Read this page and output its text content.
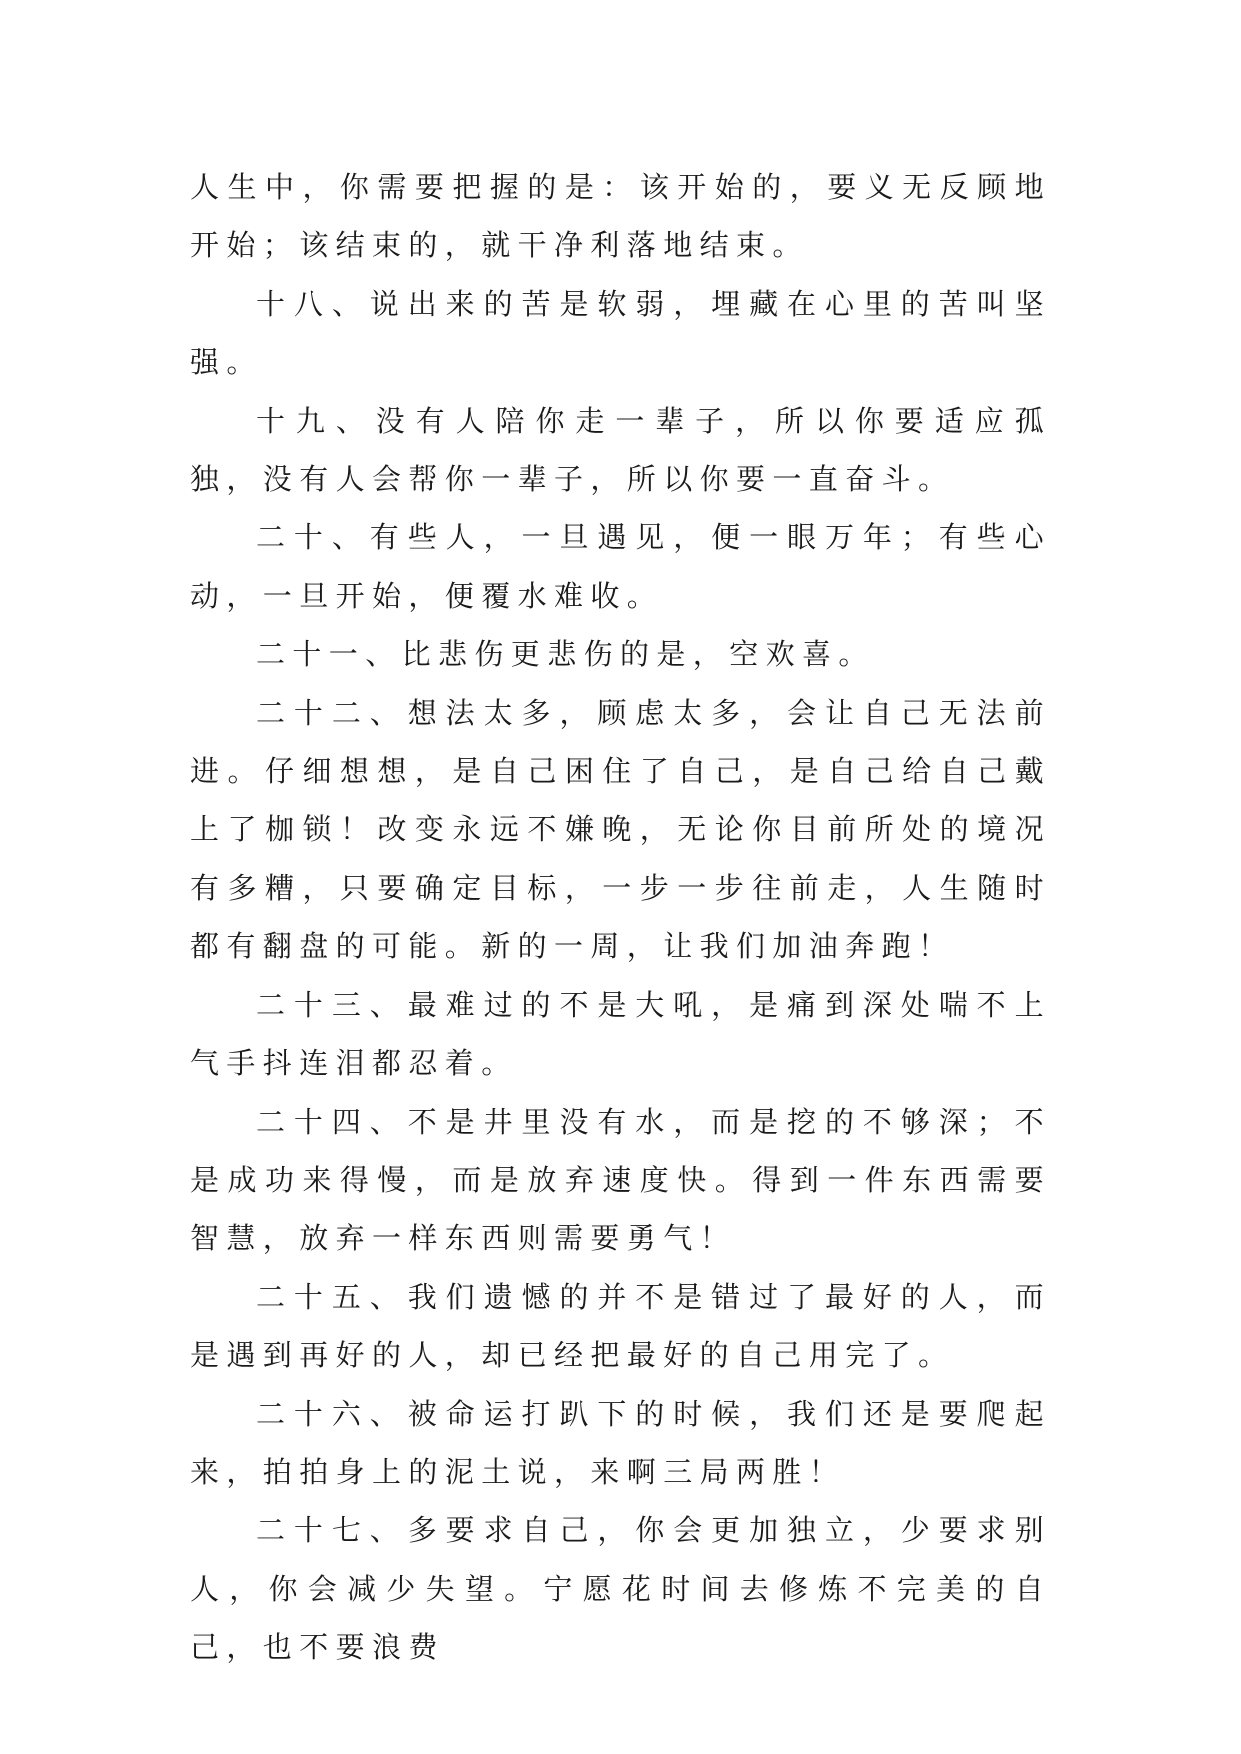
人生中，你需要把握的是：该开始的，要义无反顾地开始；该结束的，就干净利落地结束。

十八、说出来的苦是软弱，埋藏在心里的苦叫坚强。

十九、没有人陪你走一辈子，所以你要适应孤独，没有人会帮你一辈子，所以你要一直奋斗。

二十、有些人，一旦遇见，便一眼万年；有些心动，一旦开始，便覆水难收。

二十一、比悲伤更悲伤的是，空欢喜。

二十二、想法太多，顾虑太多，会让自己无法前进。仔细想想，是自己困住了自己，是自己给自己戴上了枷锁！改变永远不嫌晚，无论你目前所处的境况有多糟，只要确定目标，一步一步往前走，人生随时都有翻盘的可能。新的一周，让我们加油奔跑！

二十三、最难过的不是大吼，是痛到深处喘不上气手抖连泪都忍着。

二十四、不是井里没有水，而是挖的不够深；不是成功来得慢，而是放弃速度快。得到一件东西需要智慧，放弃一样东西则需要勇气！

二十五、我们遗憾的并不是错过了最好的人，而是遇到再好的人，却已经把最好的自己用完了。

二十六、被命运打趴下的时候，我们还是要爬起来，拍拍身上的泥土说，来啊三局两胜！

二十七、多要求自己，你会更加独立，少要求别人，你会减少失望。宁愿花时间去修炼不完美的自己，也不要浪费
